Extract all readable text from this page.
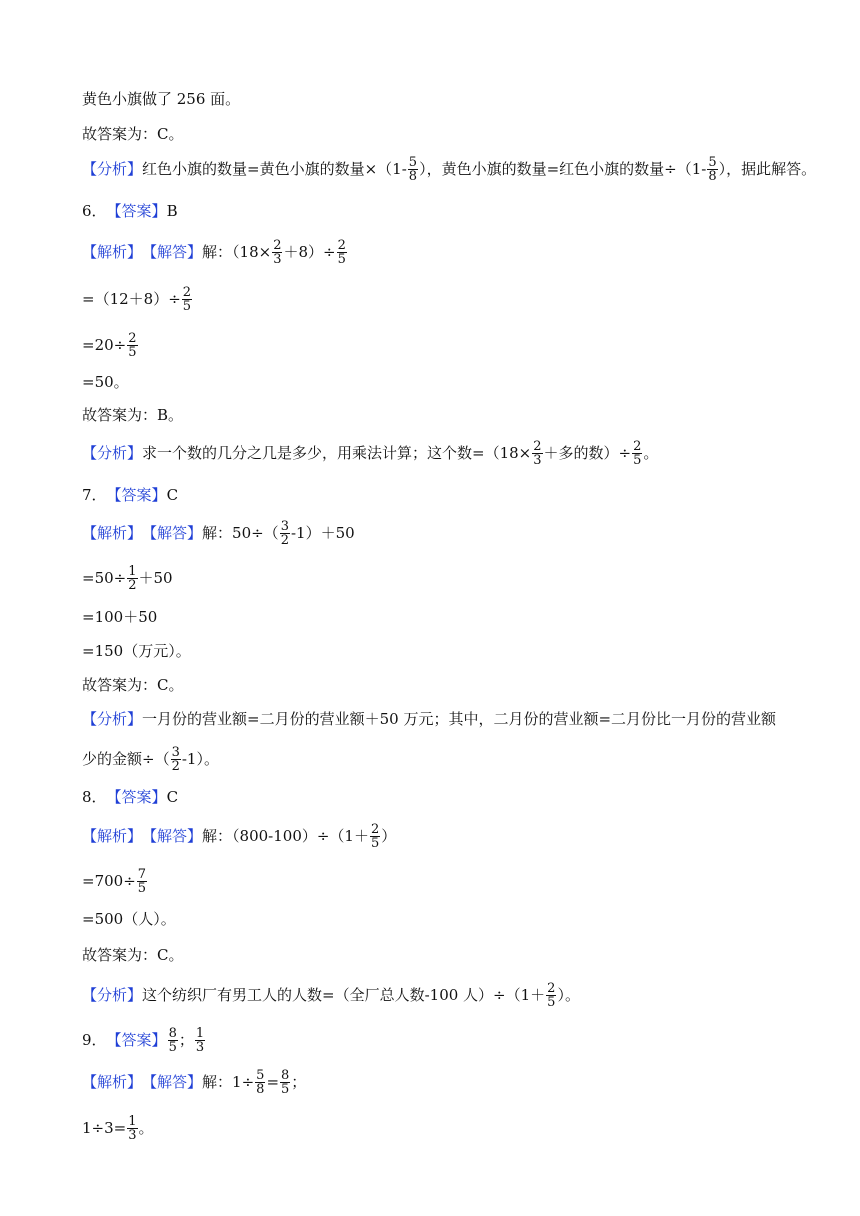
黄色小旗做了 256 面。
故答案为：C。
【分析】 红色小旗的数量=黄色小旗的数量$\times(1- \frac{5}{8}$ ），黄色小旗的数量=红色小旗的数量$\div(1- \frac{5}{8}$ ），据此解答。
6． 【答案】 B
【解析】 【解答】 解：$(18\times \frac{2}{3} +8)\div \frac{2}{5}$
$=(12+8)\div \frac{2}{5}$
$=20\div \frac{2}{5}$
=50。
故答案为：B。
【分析】 求一个数的几分之几是多少，用乘法计算；这个数$=(18\times \frac{2}{3}$ ＋多的数）÷ $\frac{2}{5}$ 。
7． 【答案】 C
【解析】 【解答】 解：$50\div( \frac{3}{2} -1)+50$
$=50\div \frac{1}{2} +50$
=100＋50
=150（万元）。
故答案为：C。
【分析】 一月份的营业额=二月份的营业额＋50 万元；其中，二月份的营业额=二月份比一月份的营业额
少的金额÷（ $\frac{3}{2} -1$）。
8． 【答案】 C
【解析】 【解答】 解：$(800-100)\div(1+ \frac{2}{5}$ ）
$=700\div \frac{7}{5}$
=500（人）。
故答案为：C。
【分析】 这个纺织厂有男工人的人数=（全厂总人数-100 人）$\div(1+ \frac{2}{5}$ ）。
9． 【答案】 $\frac{8}{5}$ ； $\frac{1}{3}$
【解析】 【解答】 解：$1\div \frac{5}{8} = \frac{8}{5}$ ；
$1\div 3= \frac{1}{3}$ 。
